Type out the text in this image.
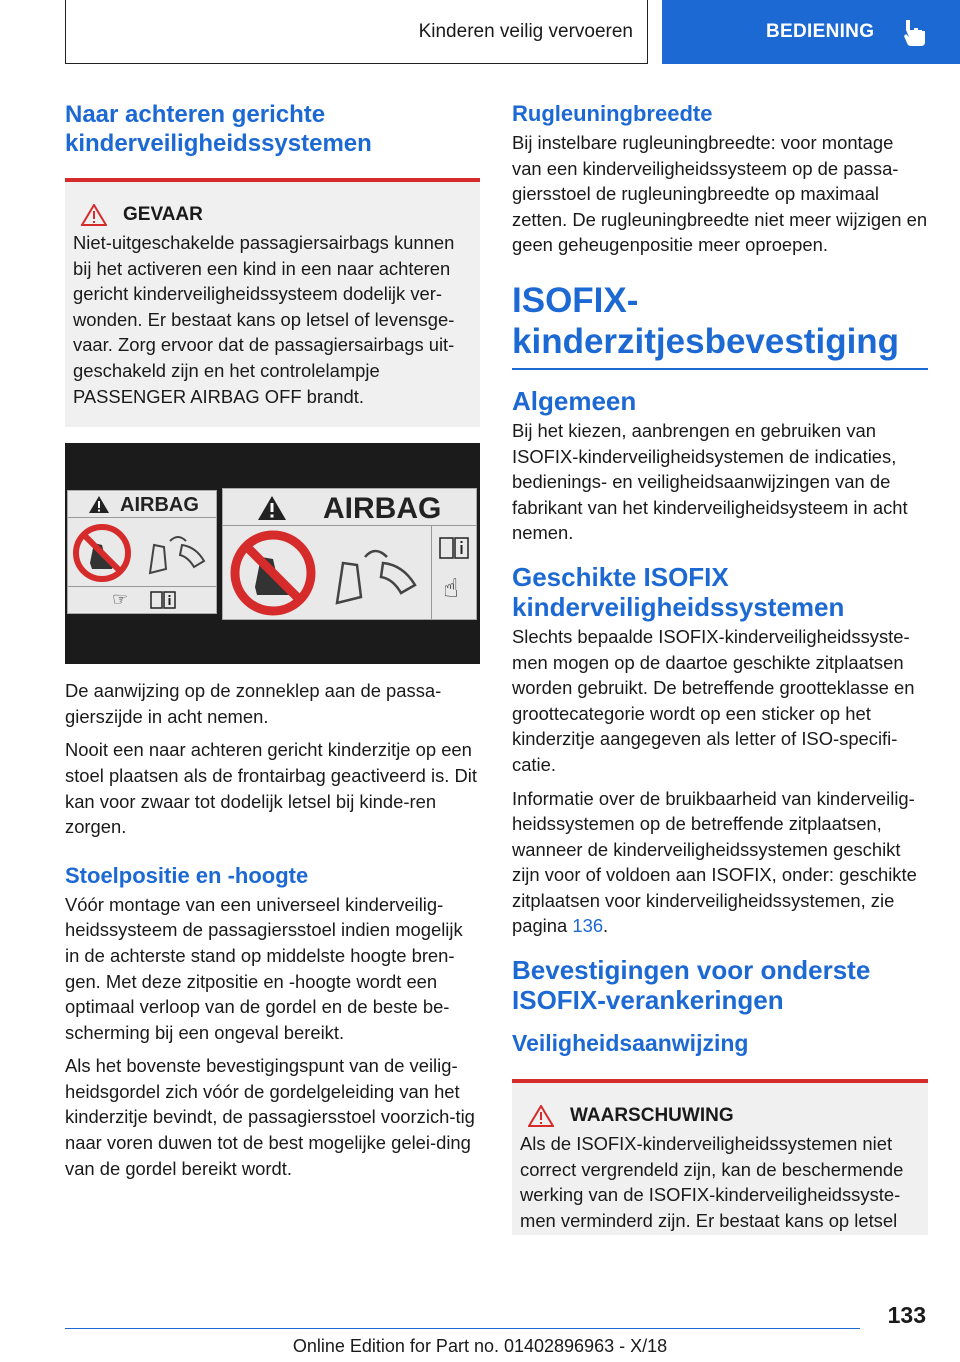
Kinderen veilig vervoeren	BEDIENING
Naar achteren gerichte kinderveiligheidssystemen
GEVAAR

Niet-uitgeschakelde passagiersairbags kunnen bij het activeren een kind in een naar achteren gericht kinderveiligheidssysteem dodelijk ver-wonden. Er bestaat kans op letsel of levensge-vaar. Zorg ervoor dat de passagiersairbags uit-geschakeld zijn en het controlelampje PASSENGER AIRBAG OFF brandt.

AIRBAG
☞
AIRBAG
☝

De aanwijzing op de zonneklep aan de passa-gierszijde in acht nemen.

Nooit een naar achteren gericht kinderzitje op een stoel plaatsen als de frontairbag geactiveerd is. Dit kan voor zwaar tot dodelijk letsel bij kinde-ren zorgen.

Stoelpositie en -hoogte

Vóór montage van een universeel kinderveilig-heidssysteem de passagiersstoel indien mogelijk in de achterste stand op middelste hoogte bren-gen. Met deze zitpositie en -hoogte wordt een optimaal verloop van de gordel en de beste be-scherming bij een ongeval bereikt.

Als het bovenste bevestigingspunt van de veilig-heidsgordel zich vóór de gordelgeleiding van het kinderzitje bevindt, de passagiersstoel voorzich-tig naar voren duwen tot de best mogelijke gelei-ding van de gordel bereikt wordt.

Rugleuningbreedte

Bij instelbare rugleuningbreedte: voor montage van een kinderveiligheidssysteem op de passa-giersstoel de rugleuningbreedte op maximaal zetten. De rugleuningbreedte niet meer wijzigen en geen geheugenpositie meer oproepen.

ISOFIX-kinderzitjesbevestiging
Algemeen

Bij het kiezen, aanbrengen en gebruiken van ISOFIX-kinderveiligheidsystemen de indicaties, bedienings- en veiligheidsaanwijzingen van de fabrikant van het kinderveiligheidsysteem in acht nemen.

Geschikte ISOFIX kinderveiligheidssystemen

Slechts bepaalde ISOFIX-kinderveiligheidssyste-men mogen op de daartoe geschikte zitplaatsen worden gebruikt. De betreffende grootteklasse en groottecategorie wordt op een sticker op het kinderzitje aangegeven als letter of ISO-specifi-catie.

Informatie over de bruikbaarheid van kinderveilig-heidssystemen op de betreffende zitplaatsen, wanneer de kinderveiligheidssystemen geschikt zijn voor of voldoen aan ISOFIX, onder: geschikte zitplaatsen voor kinderveiligheidssystemen, zie pagina 136.

Bevestigingen voor onderste ISOFIX-verankeringen
Veiligheidsaanwijzing
WAARSCHUWING

Als de ISOFIX-kinderveiligheidssystemen niet correct vergrendeld zijn, kan de beschermende werking van de ISOFIX-kinderveiligheidssyste-men verminderd zijn. Er bestaat kans op letsel

133
Online Edition for Part no. 01402896963 - X/18
